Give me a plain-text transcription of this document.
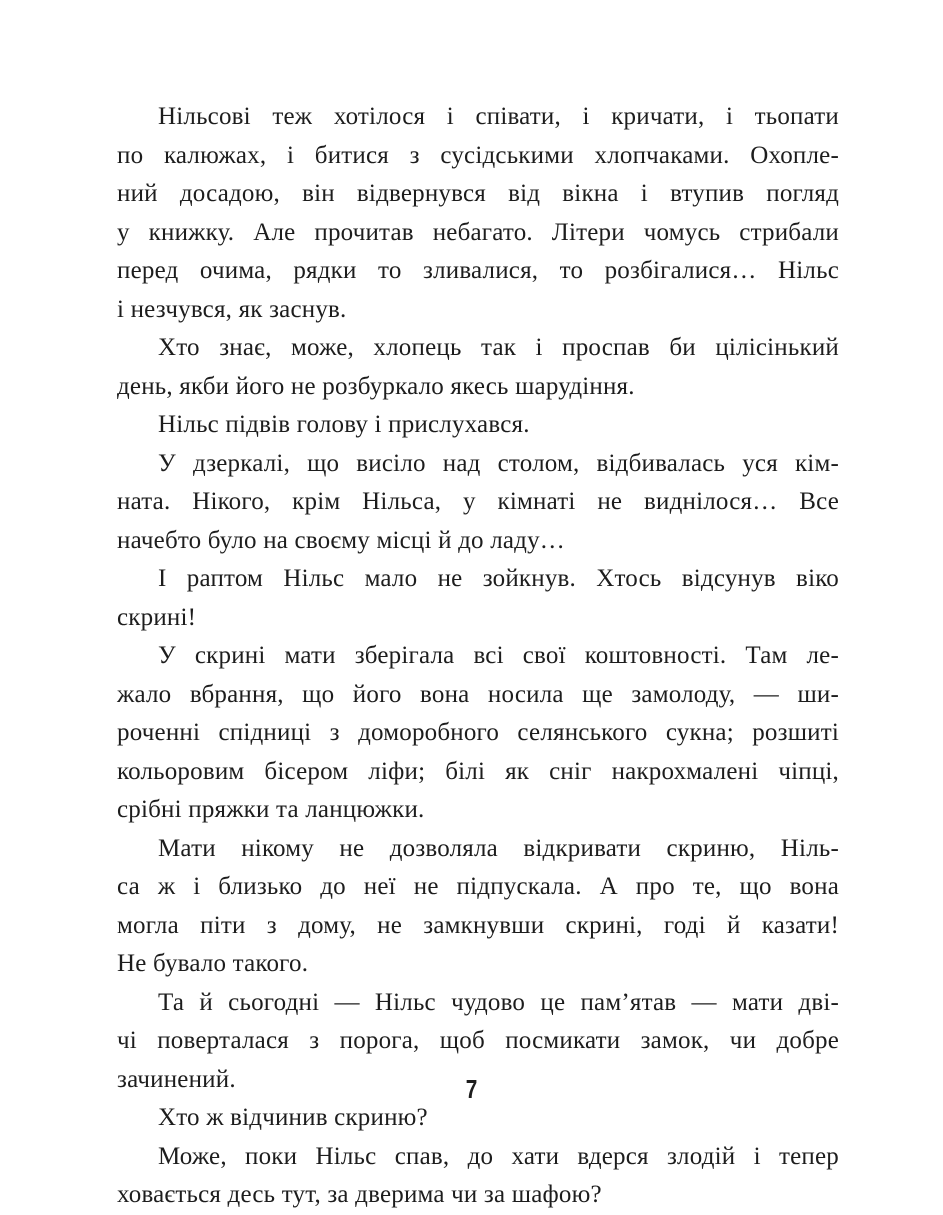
Нільсові теж хотілося і співати, і кричати, і тьопати
по калюжах, і битися з сусідськими хлопчаками. Охопле-
ний досадою, він відвернувся від вікна і втупив погляд
у книжку. Але прочитав небагато. Літери чомусь стрибали
перед очима, рядки то зливалися, то розбігалися… Нільс
і незчувся, як заснув.
Хто знає, може, хлопець так і проспав би цілісінький
день, якби його не розбуркало якесь шарудіння.
Нільс підвів голову і прислухався.
У дзеркалі, що висіло над столом, відбивалась уся кім-
ната. Нікого, крім Нільса, у кімнаті не виднілося… Все
начебто було на своєму місці й до ладу…
І раптом Нільс мало не зойкнув. Хтось відсунув віко
скрині!
У скрині мати зберігала всі свої коштовності. Там ле-
жало вбрання, що його вона носила ще замолоду, — ши-
роченні спідниці з доморобного селянського сукна; розшиті
кольоровим бісером ліфи; білі як сніг накрохмалені чіпці,
срібні пряжки та ланцюжки.
Мати нікому не дозволяла відкривати скриню, Ніль-
са ж і близько до неї не підпускала. А про те, що вона
могла піти з дому, не замкнувши скрині, годі й казати!
Не бувало такого.
Та й сьогодні — Нільс чудово це пам’ятав — мати дві-
чі поверталася з порога, щоб посмикати замок, чи добре
зачинений.
Хто ж відчинив скриню?
Може, поки Нільс спав, до хати вдерся злодій і тепер
ховається десь тут, за дверима чи за шафою?
7
